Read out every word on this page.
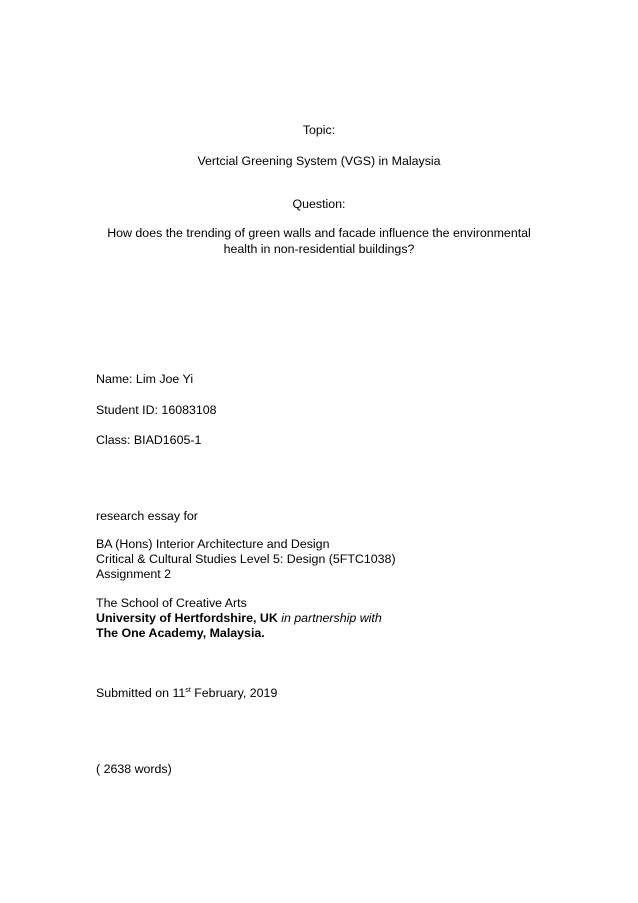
Topic:

Vertcial Greening System (VGS) in Malaysia

Question:

How does the trending of green walls and facade influence the environmental

health in non-residential buildings?

Name: Lim Joe Yi

Student ID: 16083108

Class: BIAD1605-1

research essay for

BA (Hons) Interior Architecture and Design

Critical & Cultural Studies Level 5: Design (5FTC1038)

Assignment 2

The School of Creative Arts

University of Hertfordshire, UK in partnership with

The One Academy, Malaysia.

Submitted on 11st February, 2019

( 2638 words)
